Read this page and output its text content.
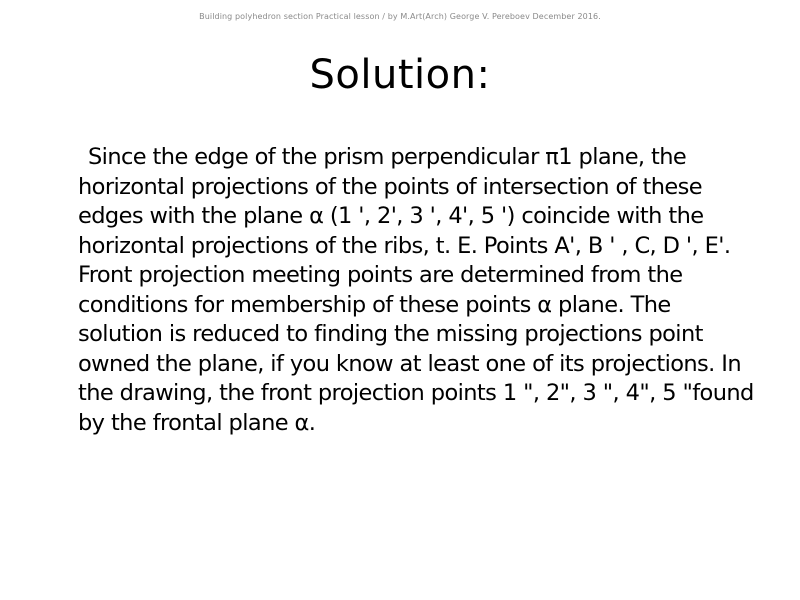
Building polyhedron section Practical lesson / by M.Art(Arch) George V. Pereboev December 2016.
Solution:

Since the edge of the prism perpendicular π1 plane, the horizontal projections of the points of intersection of these edges with the plane α (1 ', 2', 3 ', 4', 5 ') coincide with the horizontal projections of the ribs, t. E. Points A', B ' , C, D ', E'.

Front projection meeting points are determined from the conditions for membership of these points α plane. The solution is reduced to finding the missing projections point owned the plane, if you know at least one of its projections. In the drawing, the front projection points 1 ", 2", 3 ", 4", 5 "found by the frontal plane α.
